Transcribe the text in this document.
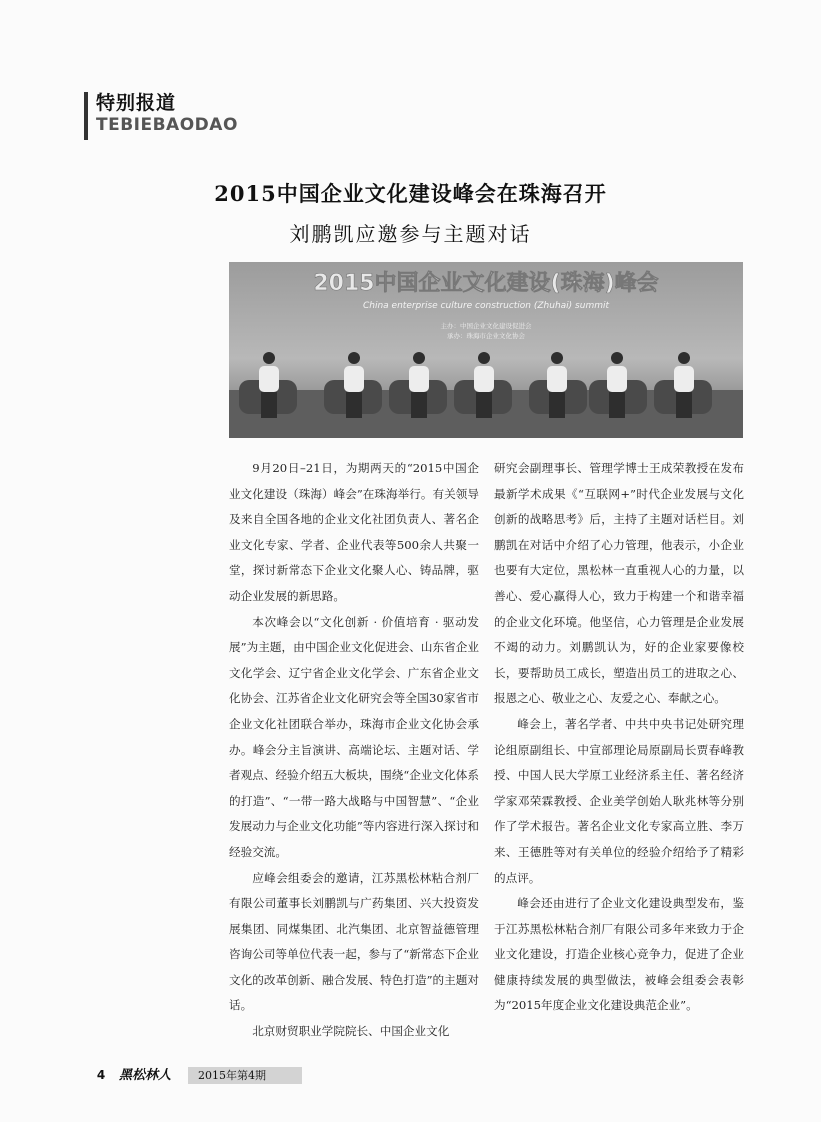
特别报道
TEBIEBAODAO
2015中国企业文化建设峰会在珠海召开
刘鹏凯应邀参与主题对话
2015中国企业文化建设(珠海)峰会
China enterprise culture construction (Zhuhai) summit
主办：中国企业文化建设促进会
承办：珠海市企业文化协会

9月20日–21日，为期两天的“2015中国企业文化建设（珠海）峰会”在珠海举行。有关领导及来自全国各地的企业文化社团负责人、著名企业文化专家、学者、企业代表等500余人共聚一堂，探讨新常态下企业文化聚人心、铸品牌，驱动企业发展的新思路。

本次峰会以“文化创新 · 价值培育 · 驱动发展”为主题，由中国企业文化促进会、山东省企业文化学会、辽宁省企业文化学会、广东省企业文化协会、江苏省企业文化研究会等全国30家省市企业文化社团联合举办，珠海市企业文化协会承办。峰会分主旨演讲、高端论坛、主题对话、学者观点、经验介绍五大板块，围绕“企业文化体系的打造”、“一带一路大战略与中国智慧”、“企业发展动力与企业文化功能”等内容进行深入探讨和经验交流。

应峰会组委会的邀请，江苏黑松林粘合剂厂有限公司董事长刘鹏凯与广药集团、兴大投资发展集团、同煤集团、北汽集团、北京智益德管理咨询公司等单位代表一起，参与了“新常态下企业文化的改革创新、融合发展、特色打造”的主题对话。

北京财贸职业学院院长、中国企业文化

研究会副理事长、管理学博士王成荣教授在发布最新学术成果《“互联网+”时代企业发展与文化创新的战略思考》后，主持了主题对话栏目。刘鹏凯在对话中介绍了心力管理，他表示，小企业也要有大定位，黑松林一直重视人心的力量，以善心、爱心赢得人心，致力于构建一个和谐幸福的企业文化环境。他坚信，心力管理是企业发展不竭的动力。刘鹏凯认为，好的企业家要像校长，要帮助员工成长，塑造出员工的进取之心、报恩之心、敬业之心、友爱之心、奉献之心。

峰会上，著名学者、中共中央书记处研究理论组原副组长、中宣部理论局原副局长贾春峰教授、中国人民大学原工业经济系主任、著名经济学家邓荣霖教授、企业美学创始人耿兆林等分别作了学术报告。著名企业文化专家高立胜、李万来、王德胜等对有关单位的经验介绍给予了精彩的点评。

峰会还由进行了企业文化建设典型发布，鉴于江苏黑松林粘合剂厂有限公司多年来致力于企业文化建设，打造企业核心竞争力，促进了企业健康持续发展的典型做法，被峰会组委会表彰为“2015年度企业文化建设典范企业”。

4	黑松林人	2015年第4期
